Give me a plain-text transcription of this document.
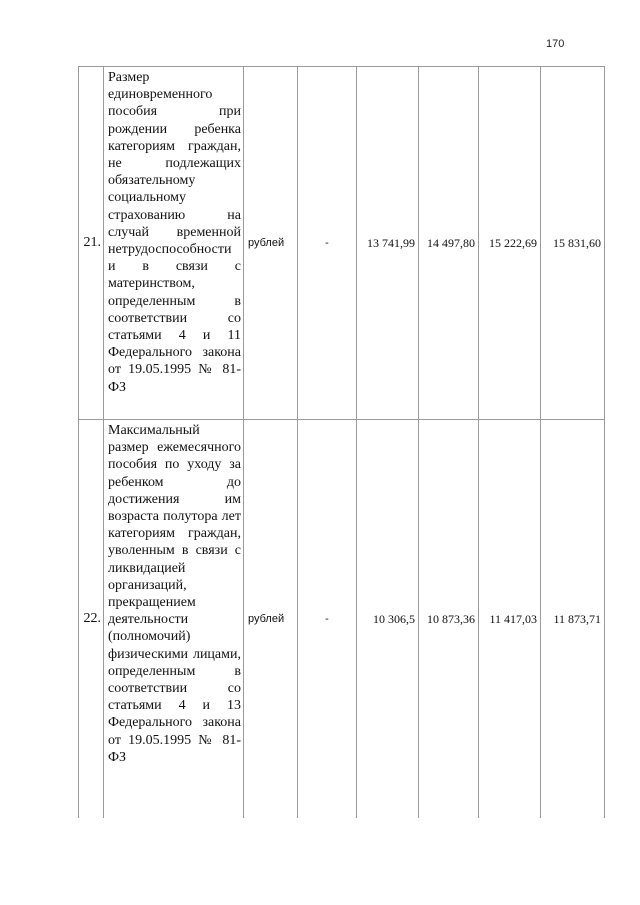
170
21.	Размер единовременного пособия при рождении ребенка категориям граждан, не подлежащих обязательному социальному страхованию на случай временной нетрудоспособности и в связи с материнством, определенным в соответствии со статьями 4 и 11 Федерального закона от 19.05.1995 № 81-ФЗ	рублей	-	13 741,99	14 497,80	15 222,69	15 831,60
22.	Максимальный размер ежемесячного пособия по уходу за ребенком до достижения им возраста полутора лет категориям граждан, уволенным в связи с ликвидацией организаций, прекращением деятельности (полномочий) физическими лицами, определенным в соответствии со статьями 4 и 13 Федерального закона от 19.05.1995 № 81-ФЗ	рублей	-	10 306,5	10 873,36	11 417,03	11 873,71
